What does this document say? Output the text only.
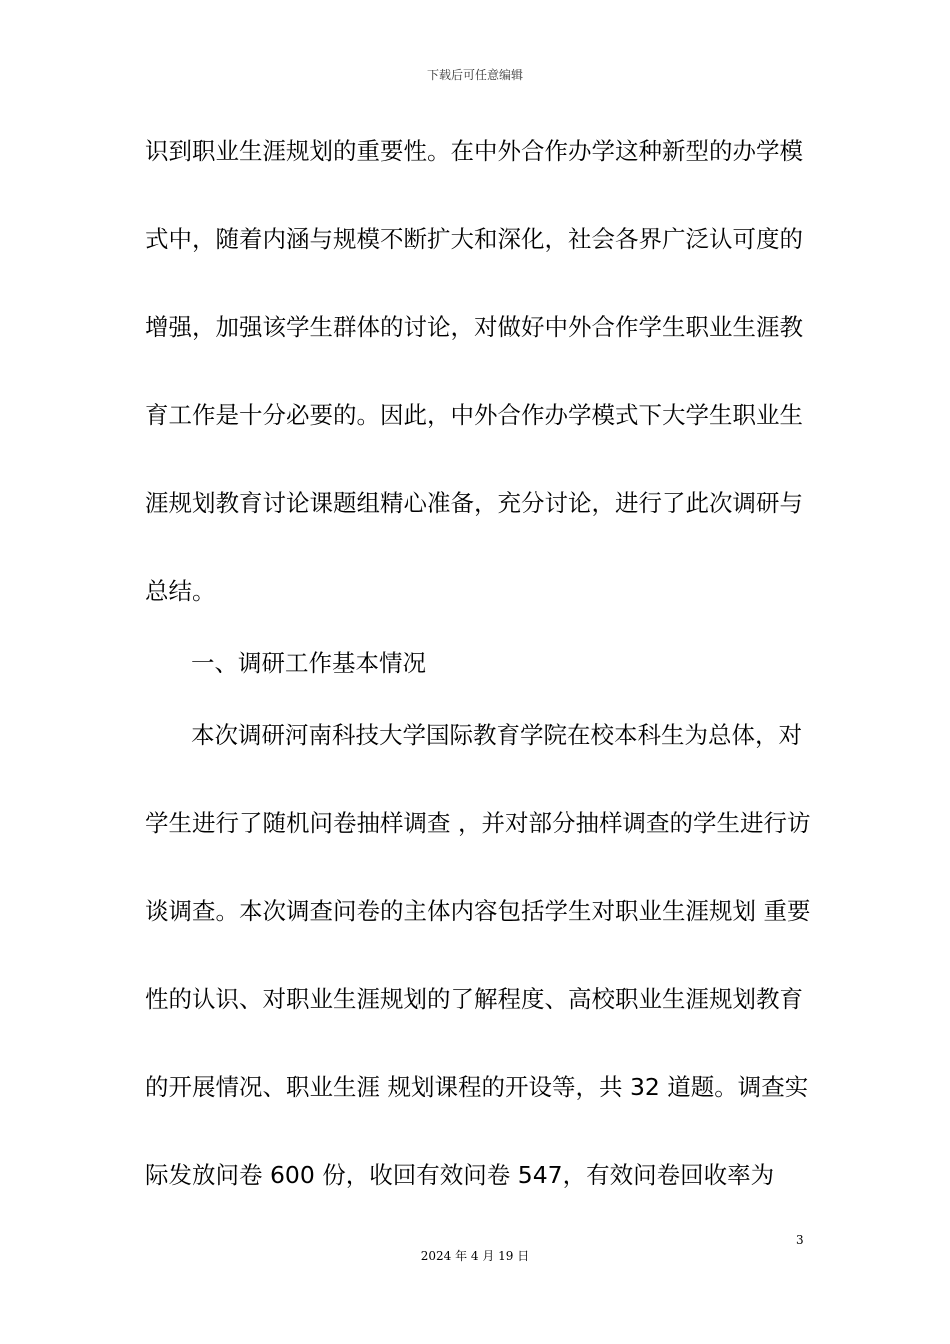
下载后可任意编辑
识到职业生涯规划的重要性。在中外合作办学这种新型的办学模
式中，随着内涵与规模不断扩大和深化，社会各界广泛认可度的
增强，加强该学生群体的讨论，对做好中外合作学生职业生涯教
育工作是十分必要的。因此，中外合作办学模式下大学生职业生
涯规划教育讨论课题组精心准备，充分讨论，进行了此次调研与
总结。
一、调研工作基本情况
本次调研河南科技大学国际教育学院在校本科生为总体，对
学生进行了随机问卷抽样调查 ，并对部分抽样调查的学生进行访
谈调查。本次调查问卷的主体内容包括学生对职业生涯规划 重要
性的认识、对职业生涯规划的了解程度、高校职业生涯规划教育
的开展情况、职业生涯 规划课程的开设等，共 32 道题。调查实
际发放问卷 600 份，收回有效问卷 547，有效问卷回收率为
3
2024 年 4 月 19 日
